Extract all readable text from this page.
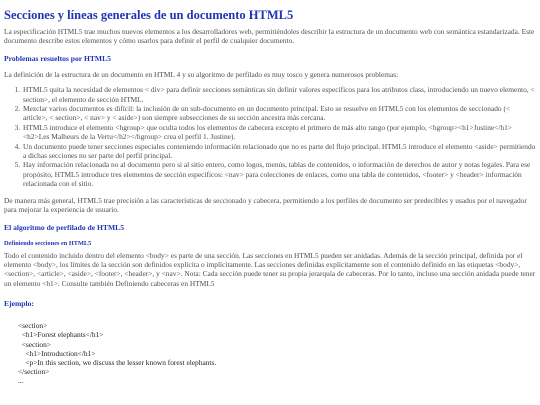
Secciones y líneas generales de un documento HTML5

La especificación HTML5 trae muchos nuevos elementos a los desarrolladores web, permitiéndoles describir la estructura de un documento web con semántica estandarizada. Este documento describe estos elementos y cómo usarlos para definir el perfil de cualquier documento.

Problemas resueltos por HTML5

La definición de la estructura de un documento en HTML 4 y su algoritmo de perfilado es muy tosco y genera numerosos problemas:

1. HTML5 quita la necesidad de elementos < div> para definir secciones semánticas sin definir valores específicos para los atributos class, introduciendo un nuevo elemento, < section>, el elemento de sección HTML.
2. Mezclar varios documentos es difícil: la inclusión de un sub-documento en un documento principal. Esto se resuelve en HTML5 con los elementos de seccionado (< article>, < section>, < nav> y < aside>) son siempre subsecciones de su sección ancestra más cercana.
3. HTML5 introduce el elemento <hgroup> que oculta todos los elementos de cabecera excepto el primero de más alto rango (por ejemplo, <hgroup><h1>Justine</h1><h2>Les Malheurs de la Vertu</h2></hgroup> crea el perfil 1. Justine).
4. Un documento puede tener secciones especiales conteniendo información relacionado que no es parte del flujo principal. HTML5 introduce el elemento <aside> permitiendo a dichas secciones no ser parte del perfil principal.
5. Hay información relacionada no al documento pero si al sitio entero, como logos, menús, tablas de contenidos, o información de derechos de autor y notas legales. Para ese propósito, HTML5 introduce tres elementos de sección específicos: <nav> para colecciones de enlaces, como una tabla de contenidos, <footer> y <header> información relacionada con el sitio.

De manera más general, HTML5 trae precisión a las características de seccionado y cabecera, permitiendo a los perfiles de documento ser predecibles y usados por el navegador para mejorar la experiencia de usuario.

El algoritmo de perfilado de HTML5
Definiendo secciones en HTML5

Todo el contenido incluido dentro del elemento <body> es parte de una sección. Las secciones en HTML5 pueden ser anidadas. Además de la sección principal, definida por el elemento <body>, los límites de la sección son definidos explícita o implícitamente. Las secciones definidas explícitamente son el contenido definido en las etiquetas <body>, <section>, <article>, <aside>, <footer>, <header>, y <nav>. Nota: Cada sección puede tener su propia jerarquía de cabeceras. Por lo tanto, incluso una sección anidada puede tener un elemento <h1>. Consulte también Definiendo cabeceras en HTML5

Ejemplo:
<section>
<h1>Forest elephants</h1>
<section>
<h1>Introduction</h1>
<p>In this section, we discuss the lesser known forest elephants.
</section>
...
